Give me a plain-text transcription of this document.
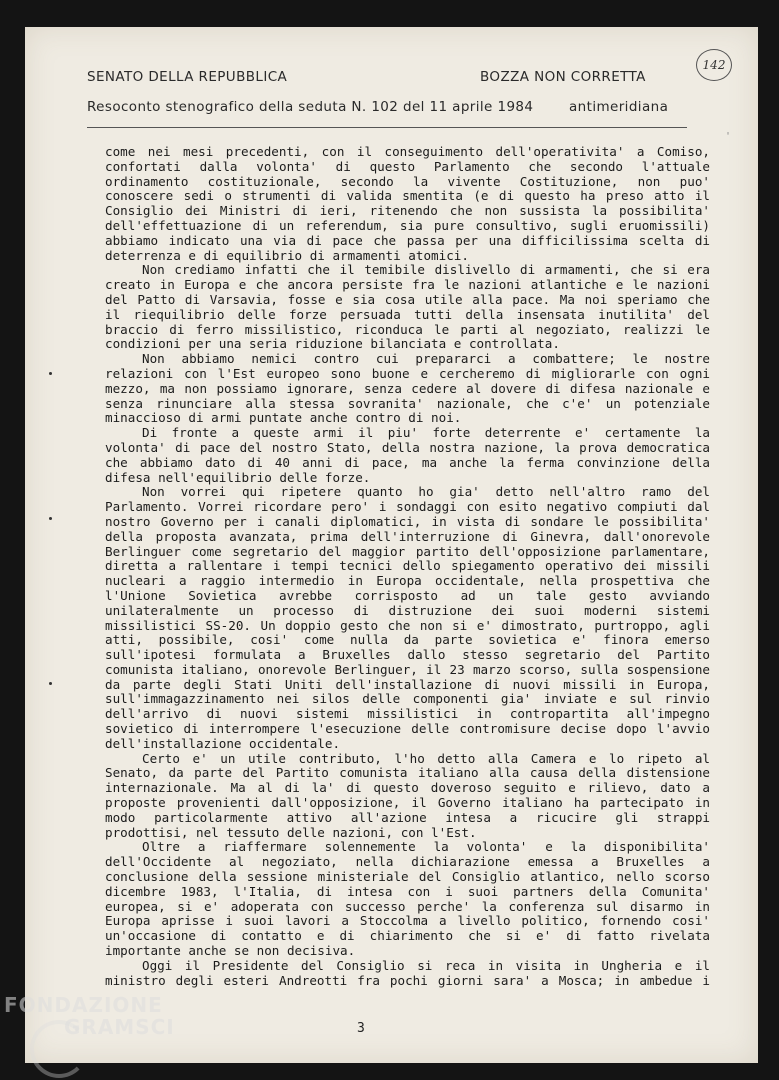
SENATO DELLA REPUBBLICA	BOZZA NON CORRETTA
Resoconto stenografico della seduta N. 102 del 11 aprile 1984	antimeridiana
142
'
come nei mesi precedenti, con il conseguimento dell'operativita' a Comiso,
confortati dalla volonta' di questo Parlamento che secondo l'attuale
ordinamento costituzionale, secondo la vivente Costituzione, non puo'
conoscere sedi o strumenti di valida smentita (e di questo ha preso atto il
Consiglio dei Ministri di ieri, ritenendo che non sussista la possibilita'
dell'effettuazione di un referendum, sia pure consultivo, sugli eruomissili)
abbiamo indicato una via di pace che passa per una difficilissima scelta di
deterrenza e di equilibrio di armamenti atomici.
Non crediamo infatti che il temibile dislivello di armamenti, che si era
creato in Europa e che ancora persiste fra le nazioni atlantiche e le nazioni
del Patto di Varsavia, fosse e sia cosa utile alla pace. Ma noi speriamo che
il riequilibrio delle forze persuada tutti della insensata inutilita' del
braccio di ferro missilistico, riconduca le parti al negoziato, realizzi le
condizioni per una seria riduzione bilanciata e controllata.
Non abbiamo nemici contro cui prepararci a combattere; le nostre
relazioni con l'Est europeo sono buone e cercheremo di migliorarle con ogni
mezzo, ma non possiamo ignorare, senza cedere al dovere di difesa nazionale e
senza rinunciare alla stessa sovranita' nazionale, che c'e' un potenziale
minaccioso di armi puntate anche contro di noi.
Di fronte a queste armi il piu' forte deterrente e' certamente la
volonta' di pace del nostro Stato, della nostra nazione, la prova democratica
che abbiamo dato di 40 anni di pace, ma anche la ferma convinzione della
difesa nell'equilibrio delle forze.
Non vorrei qui ripetere quanto ho gia' detto nell'altro ramo del
Parlamento. Vorrei ricordare pero' i sondaggi con esito negativo compiuti dal
nostro Governo per i canali diplomatici, in vista di sondare le possibilita'
della proposta avanzata, prima dell'interruzione di Ginevra, dall'onorevole
Berlinguer come segretario del maggior partito dell'opposizione parlamentare,
diretta a rallentare i tempi tecnici dello spiegamento operativo dei missili
nucleari a raggio intermedio in Europa occidentale, nella prospettiva che
l'Unione Sovietica avrebbe corrisposto ad un tale gesto avviando
unilateralmente un processo di distruzione dei suoi moderni sistemi
missilistici SS-20. Un doppio gesto che non si e' dimostrato, purtroppo, agli
atti, possibile, cosi' come nulla da parte sovietica e' finora emerso
sull'ipotesi formulata a Bruxelles dallo stesso segretario del Partito
comunista italiano, onorevole Berlinguer, il 23 marzo scorso, sulla sospensione
da parte degli Stati Uniti dell'installazione di nuovi missili in Europa,
sull'immagazzinamento nei silos delle componenti gia' inviate e sul rinvio
dell'arrivo di nuovi sistemi missilistici in contropartita all'impegno
sovietico di interrompere l'esecuzione delle contromisure decise dopo l'avvio
dell'installazione occidentale.
Certo e' un utile contributo, l'ho detto alla Camera e lo ripeto al
Senato, da parte del Partito comunista italiano alla causa della distensione
internazionale. Ma al di la' di questo doveroso seguito e rilievo, dato a
proposte provenienti dall'opposizione, il Governo italiano ha partecipato in
modo particolarmente attivo all'azione intesa a ricucire gli strappi
prodottisi, nel tessuto delle nazioni, con l'Est.
Oltre a riaffermare solennemente la volonta' e la disponibilita'
dell'Occidente al negoziato, nella dichiarazione emessa a Bruxelles a
conclusione della sessione ministeriale del Consiglio atlantico, nello scorso
dicembre 1983, l'Italia, di intesa con i suoi partners della Comunita'
europea, si e' adoperata con successo perche' la conferenza sul disarmo in
Europa aprisse i suoi lavori a Stoccolma a livello politico, fornendo cosi'
un'occasione di contatto e di chiarimento che si e' di fatto rivelata
importante anche se non decisiva.
Oggi il Presidente del Consiglio si reca in visita in Ungheria e il
ministro degli esteri Andreotti fra pochi giorni sara' a Mosca; in ambedue i
3
FONDAZIONE
GRAMSCI
